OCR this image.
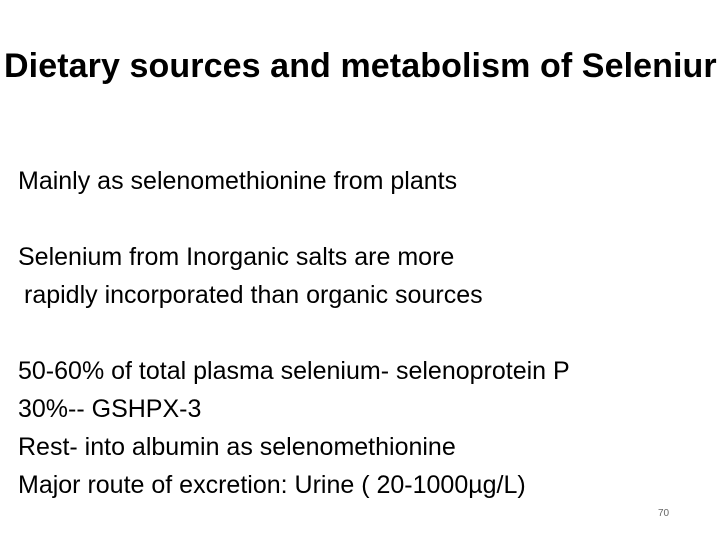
Dietary sources and metabolism of Seleniur
Mainly as selenomethionine from plants
Selenium from Inorganic salts are more
rapidly incorporated than organic sources
50-60% of total plasma selenium- selenoprotein P
30%-- GSHPX-3
Rest- into albumin as selenomethionine
Major route of excretion: Urine ( 20-1000µg/L)
70
